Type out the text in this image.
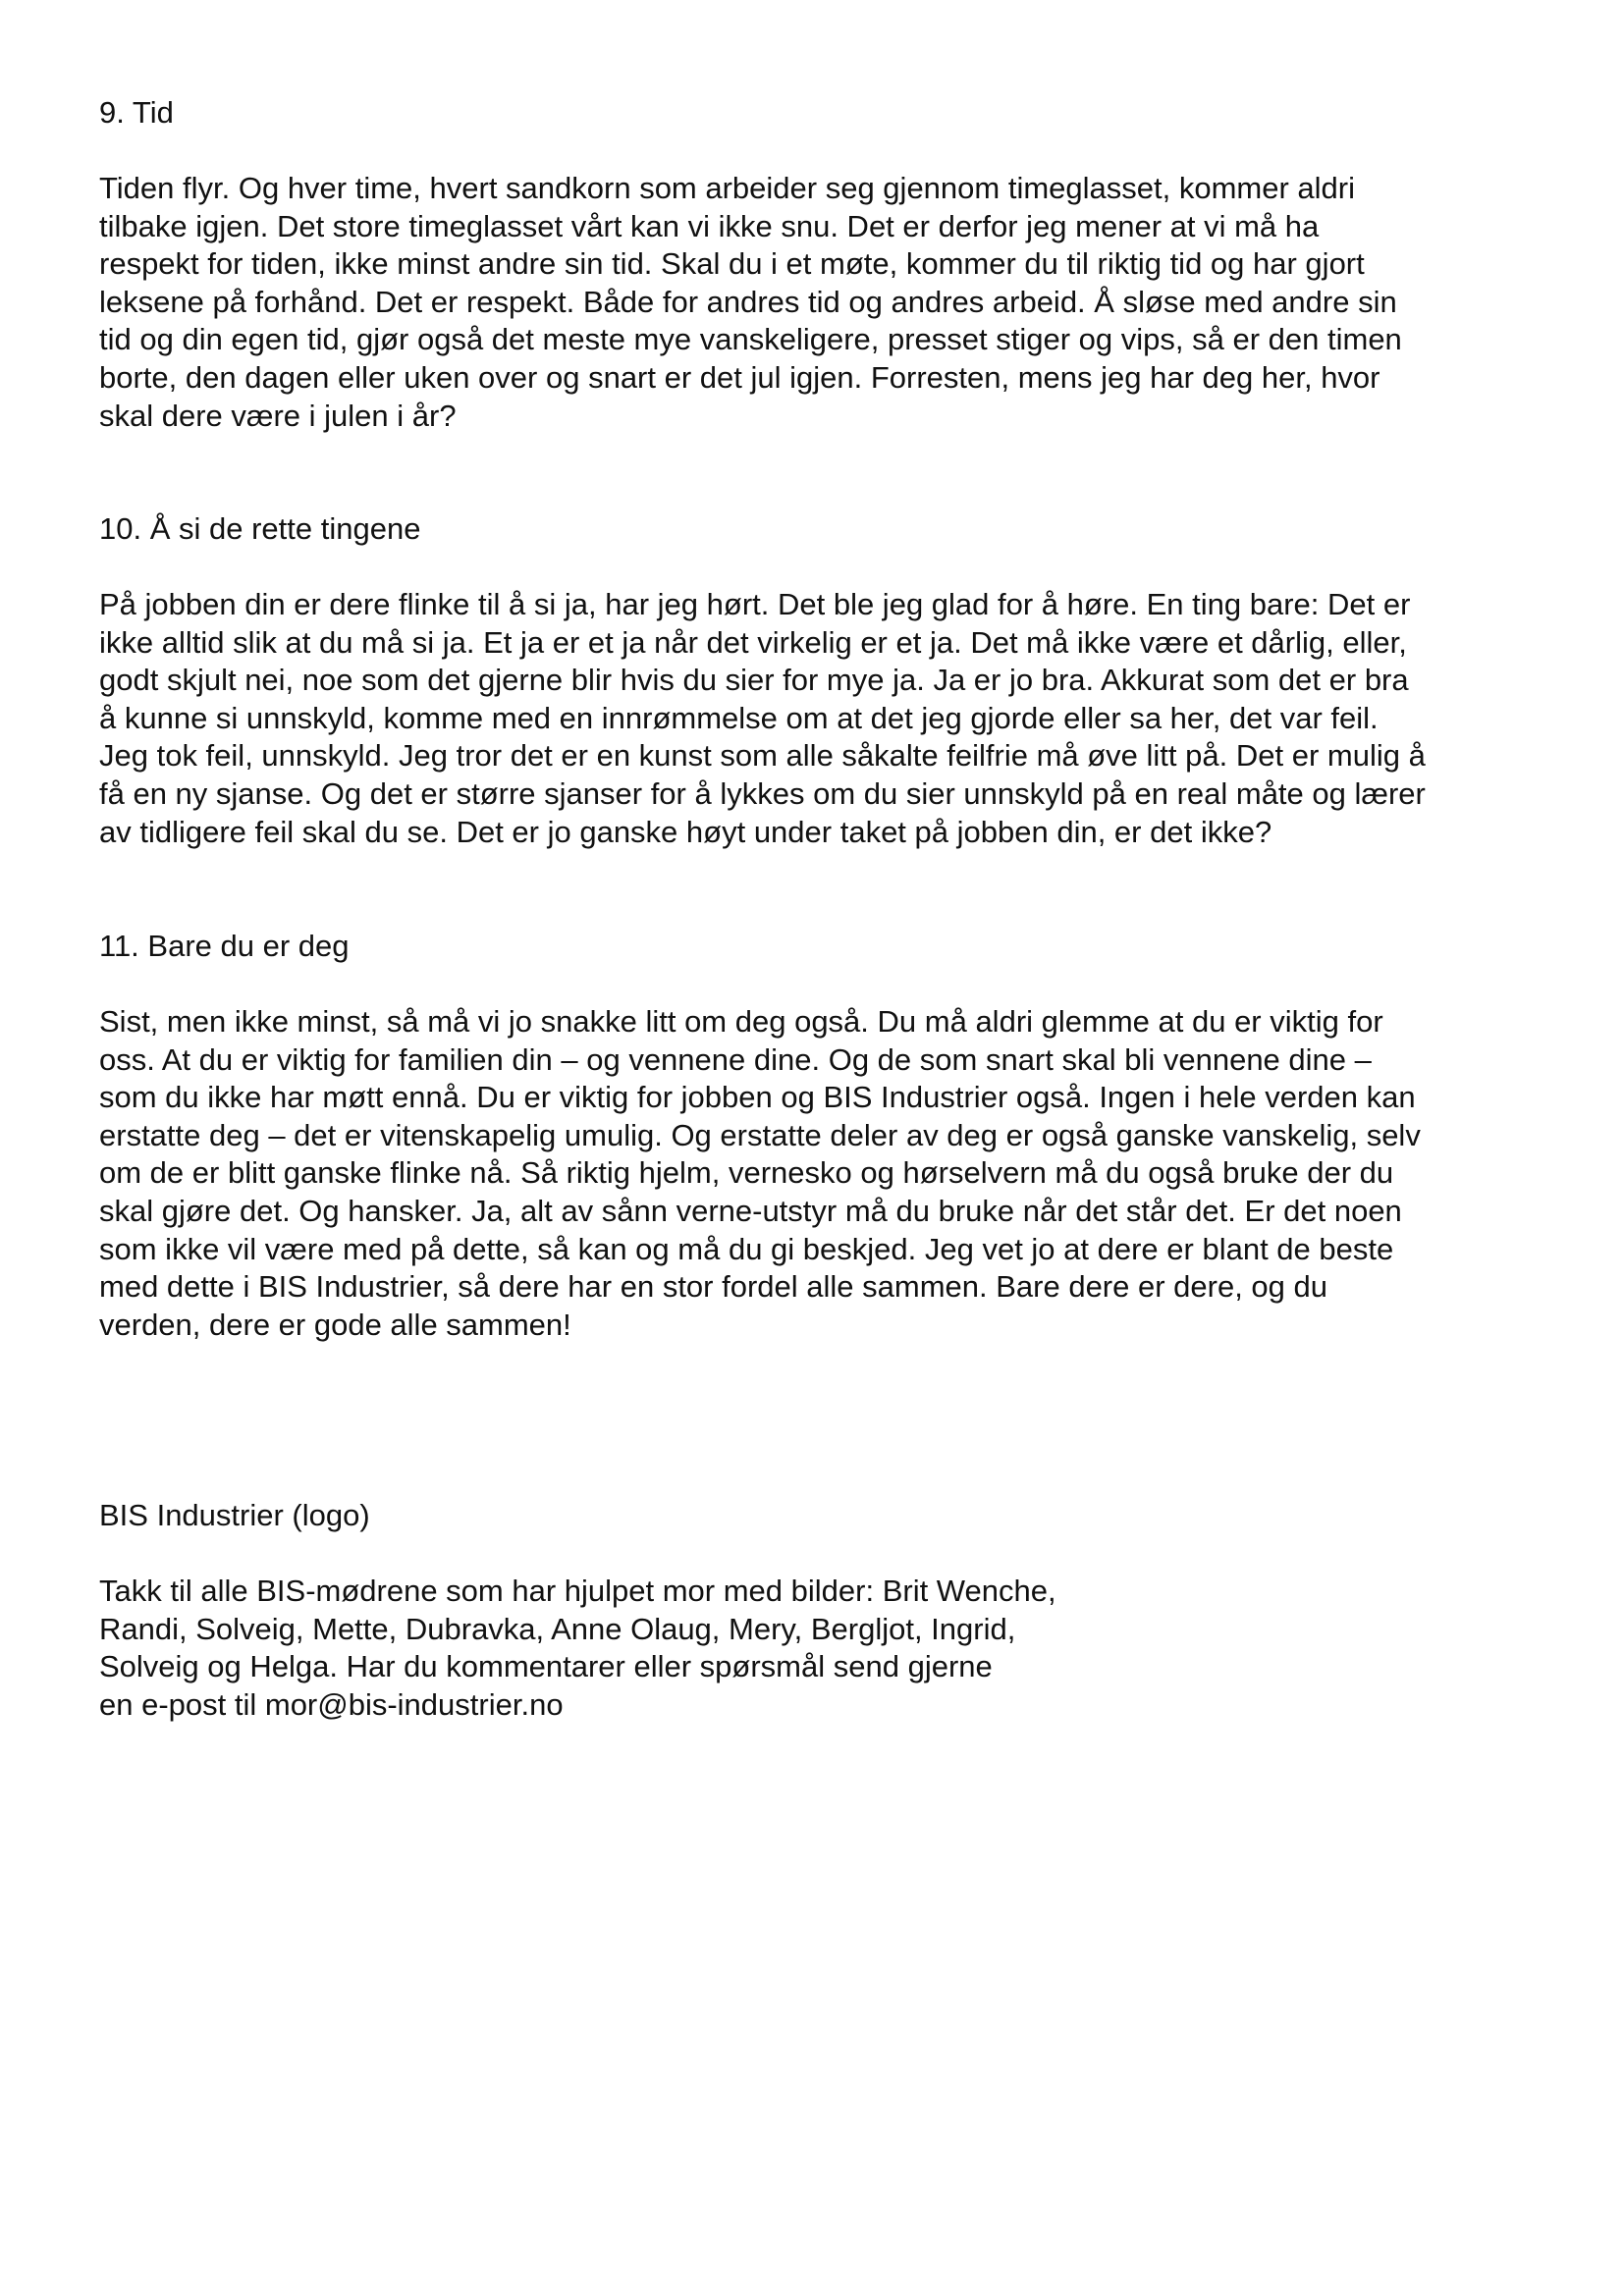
9. Tid
Tiden flyr. Og hver time, hvert sandkorn som arbeider seg gjennom timeglasset, kommer aldri
tilbake igjen. Det store timeglasset vårt kan vi ikke snu. Det er derfor jeg mener at vi må ha
respekt for tiden, ikke minst andre sin tid. Skal du i et møte, kommer du til riktig tid og har gjort
leksene på forhånd. Det er respekt. Både for andres tid og andres arbeid. Å sløse med andre sin
tid og din egen tid, gjør også det meste mye vanskeligere, presset stiger og vips, så er den timen
borte, den dagen eller uken over og snart er det jul igjen. Forresten, mens jeg har deg her, hvor
skal dere være i julen i år?
10. Å si de rette tingene
På jobben din er dere flinke til å si ja, har jeg hørt. Det ble jeg glad for å høre. En ting bare: Det er
ikke alltid slik at du må si ja. Et ja er et ja når det virkelig er et ja. Det må ikke være et dårlig, eller,
godt skjult nei, noe som det gjerne blir hvis du sier for mye ja. Ja er jo bra. Akkurat som det er bra
å kunne si unnskyld, komme med en innrømmelse om at det jeg gjorde eller sa her, det var feil.
Jeg tok feil, unnskyld. Jeg tror det er en kunst som alle såkalte feilfrie må øve litt på. Det er mulig å
få en ny sjanse. Og det er større sjanser for å lykkes om du sier unnskyld på en real måte og lærer
av tidligere feil skal du se. Det er jo ganske høyt under taket på jobben din, er det ikke?
11. Bare du er deg
Sist, men ikke minst, så må vi jo snakke litt om deg også. Du må aldri glemme at du er viktig for
oss. At du er viktig for familien din – og vennene dine. Og de som snart skal bli vennene dine –
som du ikke har møtt ennå. Du er viktig for jobben og BIS Industrier også. Ingen i hele verden kan
erstatte deg – det er vitenskapelig umulig. Og erstatte deler av deg er også ganske vanskelig, selv
om de er blitt ganske flinke nå. Så riktig hjelm, vernesko og hørselvern må du også bruke der du
skal gjøre det. Og hansker. Ja, alt av sånn verne-utstyr må du bruke når det står det. Er det noen
som ikke vil være med på dette, så kan og må du gi beskjed. Jeg vet jo at dere er blant de beste
med dette i BIS Industrier, så dere har en stor fordel alle sammen. Bare dere er dere, og du
verden, dere er gode alle sammen!
BIS Industrier (logo)
Takk til alle BIS-mødrene som har hjulpet mor med bilder: Brit Wenche,
Randi, Solveig, Mette, Dubravka, Anne Olaug, Mery, Bergljot, Ingrid,
Solveig og Helga. Har du kommentarer eller spørsmål send gjerne
en e-post til mor@bis-industrier.no
